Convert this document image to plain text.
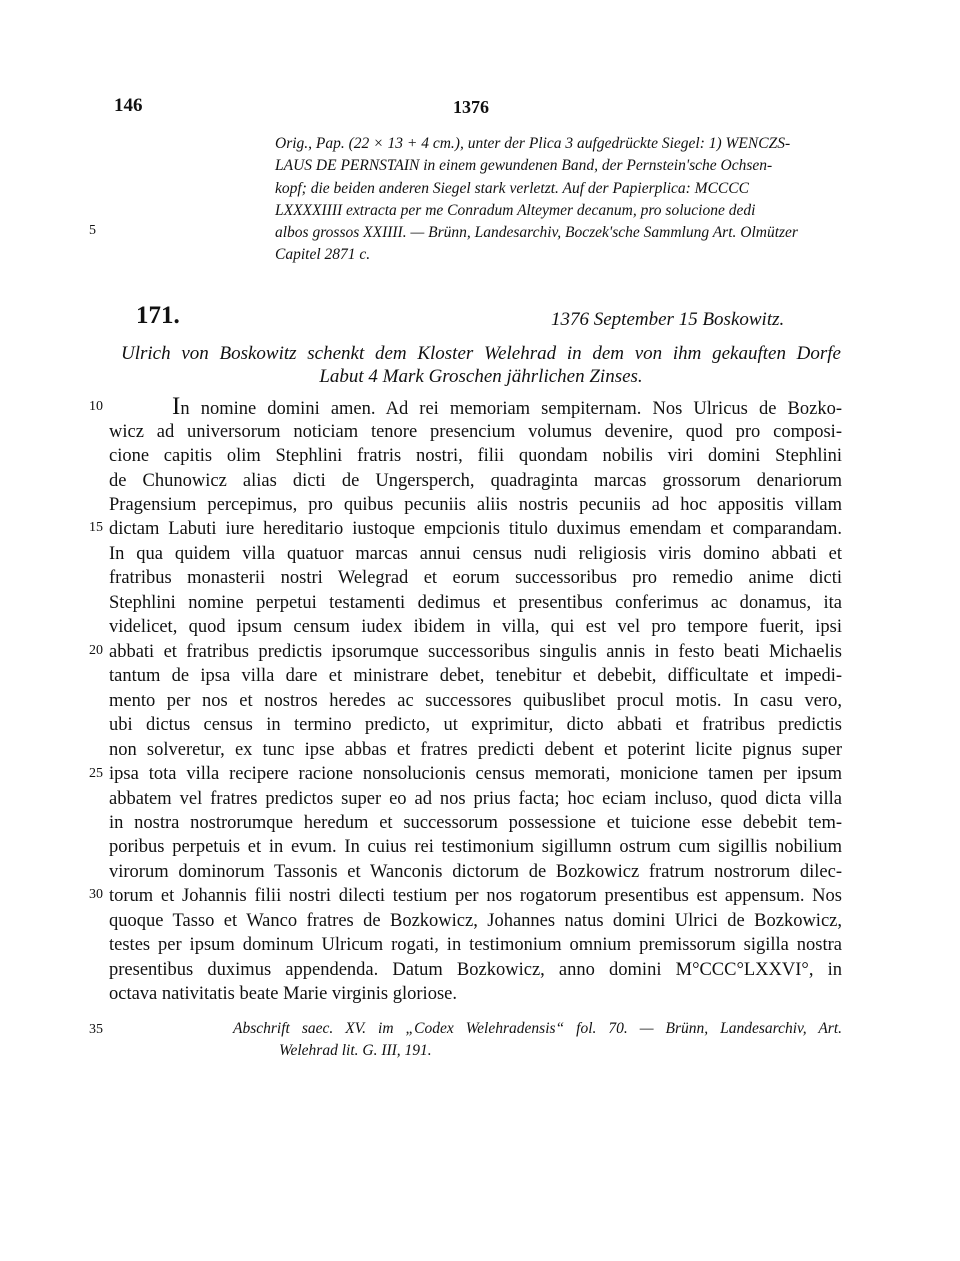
146	1376
Orig., Pap. (22 × 13 + 4 cm.), unter der Plica 3 aufgedrückte Siegel: 1) WENCZS-
LAUS DE PERNSTAIN in einem gewundenen Band, der Pernstein'sche Ochsen-
kopf; die beiden anderen Siegel stark verletzt. Auf der Papierplica: MCCCC
LXXXXIIII extracta per me Conradum Alteymer decanum, pro solucione dedi
albos grossos XXIIII. — Brünn, Landesarchiv, Boczek'sche Sammlung Art. Olmützer
Capitel 2871 c.
5
10
15
20
25
30
35
171.	1376 September 15 Boskowitz.
Ulrich von Boskowitz schenkt dem Kloster Welehrad in dem von ihm gekauften Dorfe
Labut 4 Mark Groschen jährlichen Zinses.
In nomine domini amen. Ad rei memoriam sempiternam. Nos Ulricus de Bozko-
wicz ad universorum noticiam tenore presencium volumus devenire, quod pro composi-
cione capitis olim Stephlini fratris nostri, filii quondam nobilis viri domini Stephlini
de Chunowicz alias dicti de Ungersperch, quadraginta marcas grossorum denariorum
Pragensium percepimus, pro quibus pecuniis aliis nostris pecuniis ad hoc appositis villam
dictam Labuti iure hereditario iustoque empcionis titulo duximus emendam et comparandam.
In qua quidem villa quatuor marcas annui census nudi religiosis viris domino abbati et
fratribus monasterii nostri Welegrad et eorum successoribus pro remedio anime dicti
Stephlini nomine perpetui testamenti dedimus et presentibus conferimus ac donamus, ita
videlicet, quod ipsum censum iudex ibidem in villa, qui est vel pro tempore fuerit, ipsi
abbati et fratribus predictis ipsorumque successoribus singulis annis in festo beati Michaelis
tantum de ipsa villa dare et ministrare debet, tenebitur et debebit, difficultate et impedi-
mento per nos et nostros heredes ac successores quibuslibet procul motis. In casu vero,
ubi dictus census in termino predicto, ut exprimitur, dicto abbati et fratribus predictis
non solveretur, ex tunc ipse abbas et fratres predicti debent et poterint licite pignus super
ipsa tota villa recipere racione nonsolucionis census memorati, monicione tamen per ipsum
abbatem vel fratres predictos super eo ad nos prius facta; hoc eciam incluso, quod dicta villa
in nostra nostrorumque heredum et successorum possessione et tuicione esse debebit tem-
poribus perpetuis et in evum. In cuius rei testimonium sigillumn ostrum cum sigillis nobilium
virorum dominorum Tassonis et Wanconis dictorum de Bozkowicz fratrum nostrorum dilec-
torum et Johannis filii nostri dilecti testium per nos rogatorum presentibus est appensum. Nos
quoque Tasso et Wanco fratres de Bozkowicz, Johannes natus domini Ulrici de Bozkowicz,
testes per ipsum dominum Ulricum rogati, in testimonium omnium premissorum sigilla nostra
presentibus duximus appendenda. Datum Bozkowicz, anno domini M°CCC°LXXVI°, in
octava nativitatis beate Marie virginis gloriose.
Abschrift saec. XV. im „Codex Welehradensis“ fol. 70. — Brünn, Landesarchiv, Art.
Welehrad lit. G. III, 191.
